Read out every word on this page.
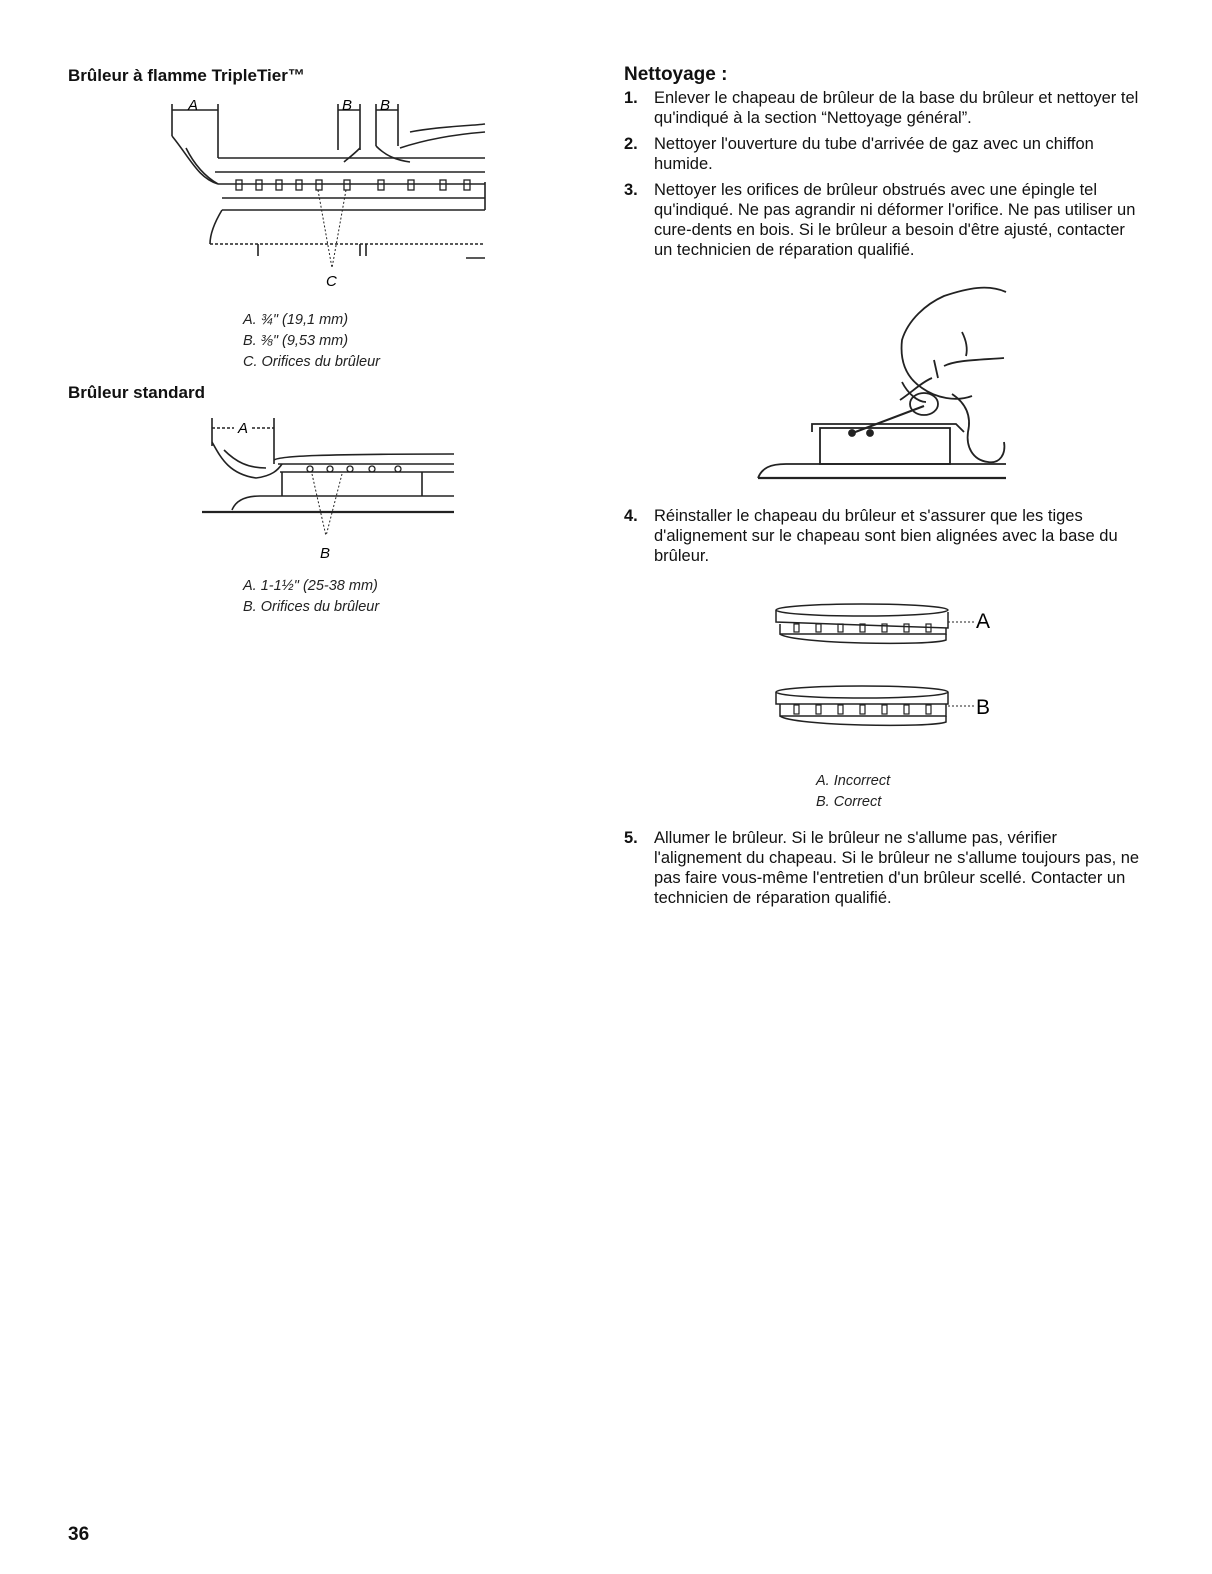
Brûleur à flamme TripleTier™
A	B B
C
A. ¾" (19,1 mm)
B. ⅜" (9,53 mm)
C. Orifices du brûleur
Brûleur standard
A
B
A. 1-1½" (25-38 mm)
B. Orifices du brûleur
Nettoyage :
1. Enlever le chapeau de brûleur de la base du brûleur et nettoyer tel qu'indiqué à la section “Nettoyage général”.
2. Nettoyer l'ouverture du tube d'arrivée de gaz avec un chiffon humide.
3. Nettoyer les orifices de brûleur obstrués avec une épingle tel qu'indiqué. Ne pas agrandir ni déformer l'orifice. Ne pas utiliser un cure-dents en bois. Si le brûleur a besoin d'être ajusté, contacter un technicien de réparation qualifié.
4. Réinstaller le chapeau du brûleur et s'assurer que les tiges d'alignement sur le chapeau sont bien alignées avec la base du brûleur.
A
B
A. Incorrect
B. Correct
5. Allumer le brûleur. Si le brûleur ne s'allume pas, vérifier l'alignement du chapeau. Si le brûleur ne s'allume toujours pas, ne pas faire vous-même l'entretien d'un brûleur scellé. Contacter un technicien de réparation qualifié.
36
